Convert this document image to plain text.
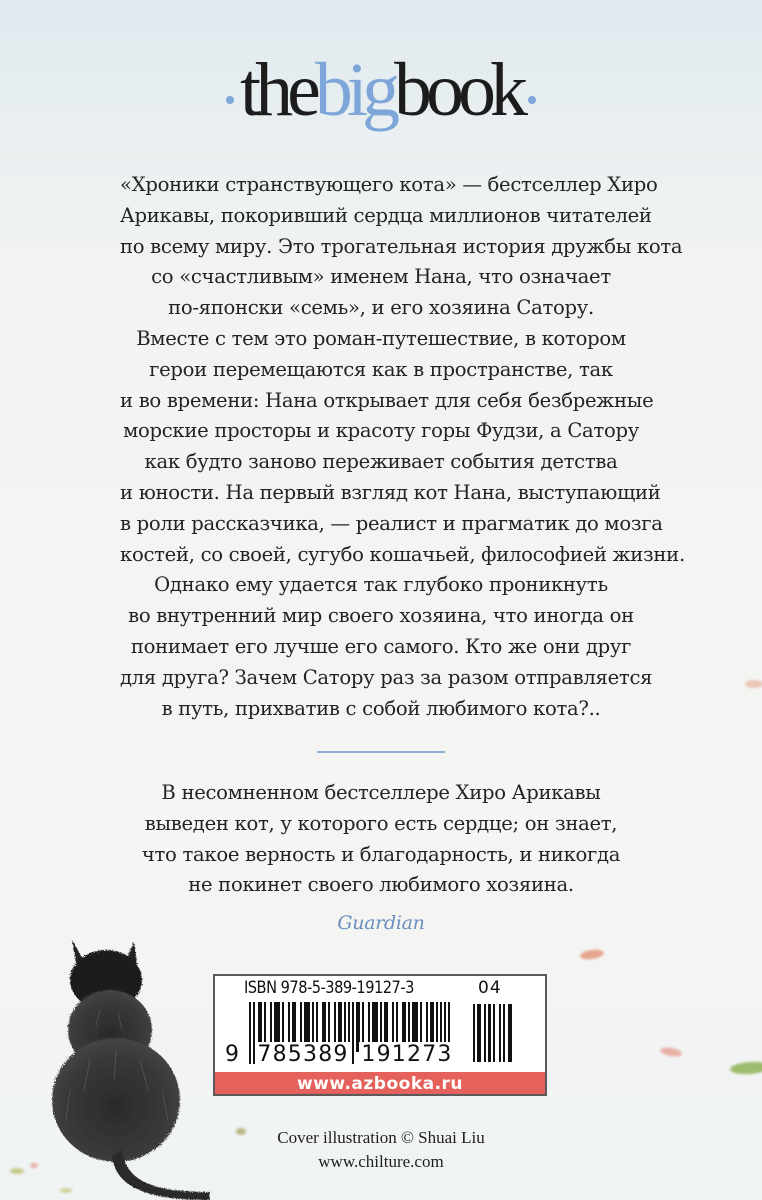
thebigbook
«Хроники странствующего кота» — бестселлер Хиро
Арикавы, покоривший сердца миллионов читателей
по всему миру. Это трогательная история дружбы кота
со «счастливым» именем Нана, что означает
по-японски «семь», и его хозяина Сатору.
Вместе с тем это роман-путешествие, в котором
герои перемещаются как в пространстве, так
и во времени: Нана открывает для себя безбрежные
морские просторы и красоту горы Фудзи, а Сатору
как будто заново переживает события детства
и юности. На первый взгляд кот Нана, выступающий
в роли рассказчика, — реалист и прагматик до мозга
костей, со своей, сугубо кошачьей, философией жизни.
Однако ему удается так глубоко проникнуть
во внутренний мир своего хозяина, что иногда он
понимает его лучше его самого. Кто же они друг
для друга? Зачем Сатору раз за разом отправляется
в путь, прихватив с собой любимого кота?..
В несомненном бестселлере Хиро Арикавы
выведен кот, у которого есть сердце; он знает,
что такое верность и благодарность, и никогда
не покинет своего любимого хозяина.
Guardian
ISBN 978-5-389-19127-3	04
9 785389 191273
www.azbooka.ru
Cover illustration © Shuai Liu
www.chilture.com
